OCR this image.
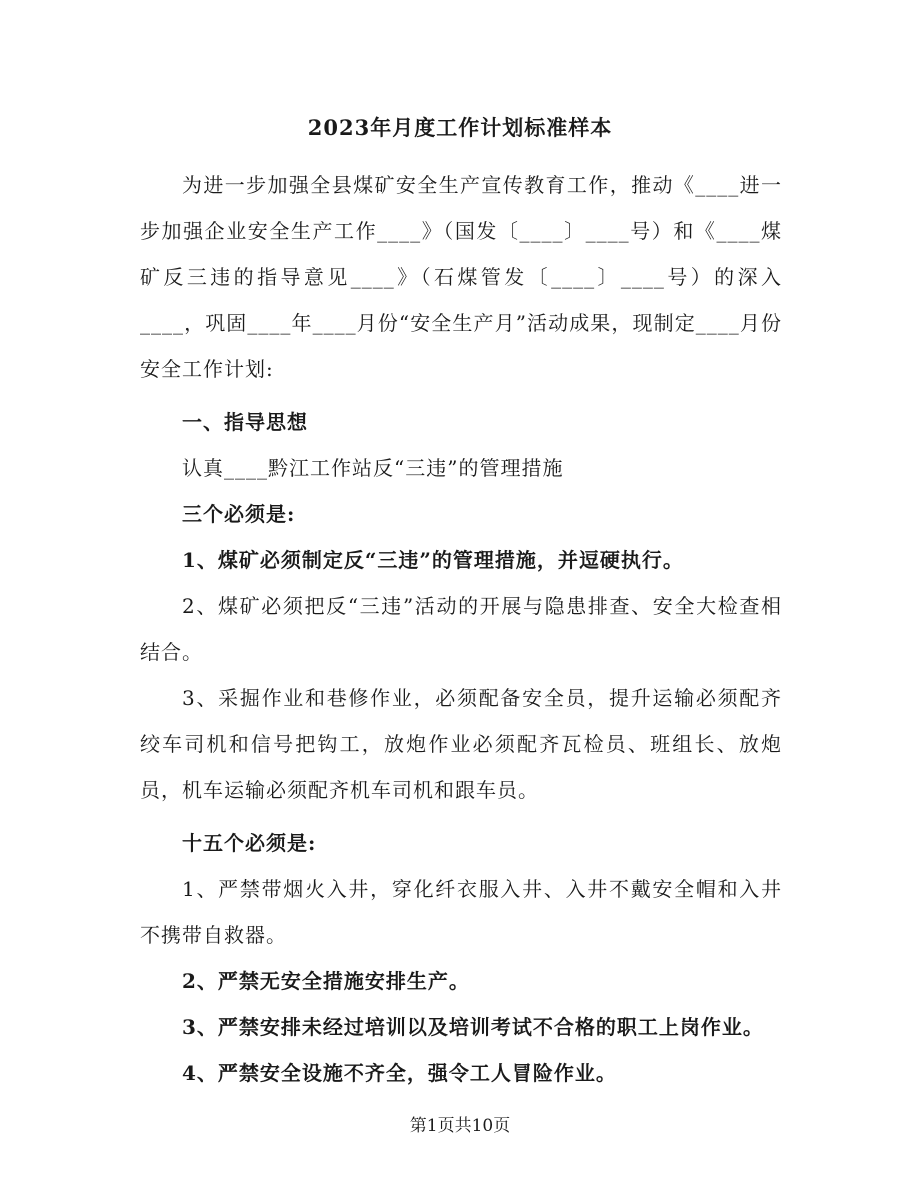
2023年月度工作计划标准样本

为进一步加强全县煤矿安全生产宣传教育工作，推动《____进一步加强企业安全生产工作____》（国发〔____〕____号）和《____煤矿反三违的指导意见____》（石煤管发〔____〕____号）的深入____，巩固____年____月份“安全生产月”活动成果，现制定____月份安全工作计划:

一、指导思想

认真____黔江工作站反“三违”的管理措施

三个必须是:

1、煤矿必须制定反“三违”的管理措施，并逗硬执行。

2、煤矿必须把反“三违”活动的开展与隐患排查、安全大检查相结合。

3、采掘作业和巷修作业，必须配备安全员，提升运输必须配齐绞车司机和信号把钩工，放炮作业必须配齐瓦检员、班组长、放炮员，机车运输必须配齐机车司机和跟车员。

十五个必须是:

1、严禁带烟火入井，穿化纤衣服入井、入井不戴安全帽和入井不携带自救器。

2、严禁无安全措施安排生产。

3、严禁安排未经过培训以及培训考试不合格的职工上岗作业。

4、严禁安全设施不齐全，强令工人冒险作业。

第1页共10页
